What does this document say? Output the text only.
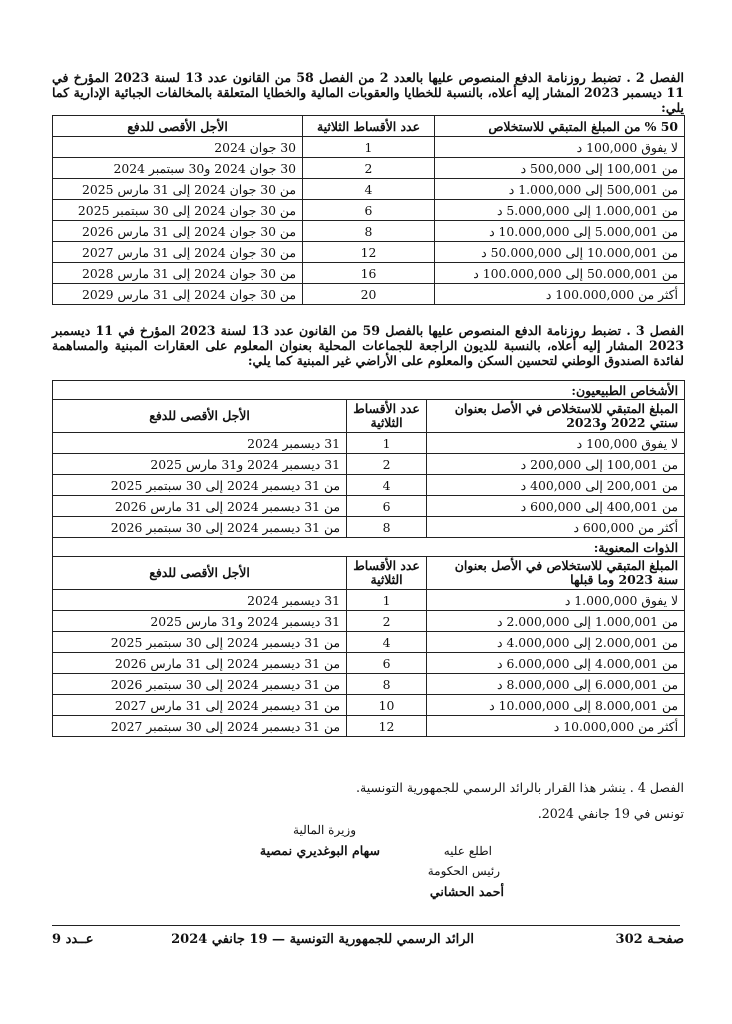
الفصل 2 . تضبط روزنامة الدفع المنصوص عليها بالعدد 2 من الفصل 58 من القانون عدد 13 لسنة 2023 المؤرخ في 11 ديسمبر 2023 المشار إليه أعلاه، بالنسبة للخطايا والعقوبات المالية والخطايا المتعلقة بالمخالفات الجبائية الإدارية كما يلي:
50 % من المبلغ المتبقي للاستخلاص	عدد الأقساط الثلاثية	الأجل الأقصى للدفع
لا يفوق 100,000 د	1	30 جوان 2024
من 100,001 إلى 500,000 د	2	30 جوان 2024 و30 سبتمبر 2024
من 500,001 إلى 1.000,000 د	4	من 30 جوان 2024 إلى 31 مارس 2025
من 1.000,001 إلى 5.000,000 د	6	من 30 جوان 2024 إلى 30 سبتمبر 2025
من 5.000,001 إلى 10.000,000 د	8	من 30 جوان 2024 إلى 31 مارس 2026
من 10.000,001 إلى 50.000,000 د	12	من 30 جوان 2024 إلى 31 مارس 2027
من 50.000,001 إلى 100.000,000 د	16	من 30 جوان 2024 إلى 31 مارس 2028
أكثر من 100.000,000 د	20	من 30 جوان 2024 إلى 31 مارس 2029
الفصل 3 . تضبط روزنامة الدفع المنصوص عليها بالفصل 59 من القانون عدد 13 لسنة 2023 المؤرخ في 11 ديسمبر 2023 المشار إليه أعلاه، بالنسبة للديون الراجعة للجماعات المحلية بعنوان المعلوم على العقارات المبنية والمساهمة لفائدة الصندوق الوطني لتحسين السكن والمعلوم على الأراضي غير المبنية كما يلي:
الأشخاص الطبيعيون:		
المبلغ المتبقي للاستخلاص في الأصل بعنوان سنتي 2022 و2023	عدد الأقساط الثلاثية	الأجل الأقصى للدفع
لا يفوق 100,000 د	1	31 ديسمبر 2024
من 100,001 إلى 200,000 د	2	31 ديسمبر 2024 و31 مارس 2025
من 200,001 إلى 400,000 د	4	من 31 ديسمبر 2024 إلى 30 سبتمبر 2025
من 400,001 إلى 600,000 د	6	من 31 ديسمبر 2024 إلى 31 مارس 2026
أكثر من 600,000 د	8	من 31 ديسمبر 2024 إلى 30 سبتمبر 2026
الذوات المعنوية:		
المبلغ المتبقي للاستخلاص في الأصل بعنوان سنة 2023 وما قبلها	عدد الأقساط الثلاثية	الأجل الأقصى للدفع
لا يفوق 1.000,000 د	1	31 ديسمبر 2024
من 1.000,001 إلى 2.000,000 د	2	31 ديسمبر 2024 و31 مارس 2025
من 2.000,001 إلى 4.000,000 د	4	من 31 ديسمبر 2024 إلى 30 سبتمبر 2025
من 4.000,001 إلى 6.000,000 د	6	من 31 ديسمبر 2024 إلى 31 مارس 2026
من 6.000,001 إلى 8.000,000 د	8	من 31 ديسمبر 2024 إلى 30 سبتمبر 2026
من 8.000,001 إلى 10.000,000 د	10	من 31 ديسمبر 2024 إلى 31 مارس 2027
أكثر من 10.000,000 د	12	من 31 ديسمبر 2024 إلى 30 سبتمبر 2027
الفصل 4 . ينشر هذا القرار بالرائد الرسمي للجمهورية التونسية.
تونس في 19 جانفي 2024.
وزيرة المالية
سهام البوغديري نمصية	اطلع عليه
رئيس الحكومة
أحمد الحشاني
صفحـة 302
الرائد الرسمي للجمهورية التونسية — 19 جانفي 2024
عــدد 9
